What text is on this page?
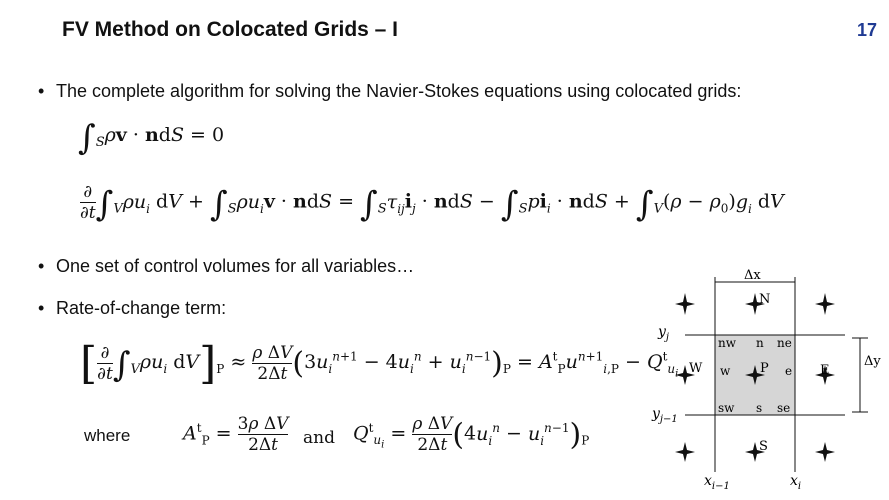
FV Method on Colocated Grids – I	17
• The complete algorithm for solving the Navier-Stokes equations using colocated grids:
$\int_S\rho v$ · ndS = 0
∂
∂t $\int_V\rho u_i$ dV + $\int_S\rho u_iv$ · ndS = $\int_S\tau_{ij}i_j$ · ndS − $\int_Spi_i$ · ndS + $\int_V(\rho - \rho_0)g_i$ dV
• One set of control volumes for all variables…
• Rate-of-change term:
[ ∂
∂t $\int_V\rho u_i$ $dV]_P \approx \frac{\text{ρ ΔV}}{2\Delta t} (3u_i^{n+1} - 4u_i^n + u_i^{n-1})_P = A^t_Pu^{n+1}_{i,P} - Q^t_{u_i}$
where	$A^t_P = \frac{\text{3ρ ΔV}}{2\Delta t}$ and $Q^t_{u_i} = \frac{\text{ρ ΔV}}{2\Delta t} (4u_i^n - u_i^{n-1})_P$
Δx
Δy
N
nw n ne
W w P e E
sw s se
S
$y_j$
$y_{j-1}$
$x_{i-1}$	$x_i$
